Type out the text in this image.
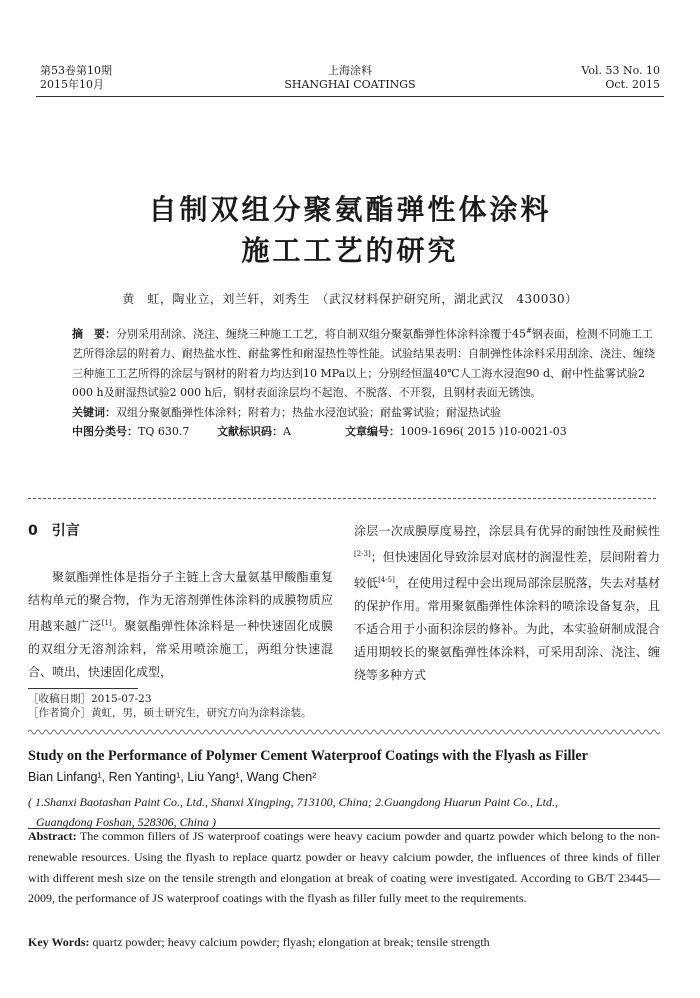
第53卷第10期
2015年10月
上海涂料
SHANGHAI COATINGS
Vol. 53 No. 10
Oct. 2015
自制双组分聚氨酯弹性体涂料
施工工艺的研究
黄　虹，陶业立，刘兰轩，刘秀生　（武汉材料保护研究所，湖北武汉　430030）

摘　要：分别采用刮涂、浇注、缠绕三种施工工艺，将自制双组分聚氨酯弹性体涂料涂覆于45#钢表面，检测不同施工工艺所得涂层的附着力、耐热盐水性、耐盐雾性和耐湿热性等性能。试验结果表明：自制弹性体涂料采用刮涂、浇注、缠绕三种施工工艺所得的涂层与钢材的附着力均达到10 MPa以上；分别经恒温40℃人工海水浸泡90 d、耐中性盐雾试验2 000 h及耐湿热试验2 000 h后，钢材表面涂层均不起泡、不脱落、不开裂，且钢材表面无锈蚀。

关键词：双组分聚氨酯弹性体涂料；附着力；热盐水浸泡试验；耐盐雾试验；耐湿热试验

中图分类号：TQ 630.7	文献标识码：A	文章编号：1009-1696( 2015 )10-0021-03
0　引言

聚氨酯弹性体是指分子主链上含大量氨基甲酸酯重复结构单元的聚合物，作为无溶剂弹性体涂料的成膜物质应用越来越广泛[1]。聚氨酯弹性体涂料是一种快速固化成膜的双组分无溶剂涂料，常采用喷涂施工，两组分快速混合、喷出，快速固化成型，

涂层一次成膜厚度易控，涂层具有优异的耐蚀性及耐候性[2-3]；但快速固化导致涂层对底材的润湿性差，层间附着力较低[4-5]，在使用过程中会出现局部涂层脱落，失去对基材的保护作用。常用聚氨酯弹性体涂料的喷涂设备复杂，且不适合用于小面积涂层的修补。为此，本实验研制成混合适用期较长的聚氨酯弹性体涂料，可采用刮涂、浇注、缠绕等多种方式

［收稿日期］2015-07-23
［作者简介］黄虹，男，硕士研究生，研究方向为涂料涂装。
Study on the Performance of Polymer Cement Waterproof Coatings with the Flyash as Filler
Bian Linfang¹, Ren Yanting¹, Liu Yang¹, Wang Chen²
( 1.Shanxi Baotashan Paint Co., Ltd., Shanxi Xingping, 713100, China; 2.Guangdong Huarun Paint Co., Ltd.,
Guangdong Foshan, 528306, China )
Abstract: The common fillers of JS waterproof coatings were heavy cacium powder and quartz powder which belong to the non-renewable resources. Using the flyash to replace quartz powder or heavy calcium powder, the influences of three kinds of filler with different mesh size on the tensile strength and elongation at break of coating were investigated. According to GB/T 23445—2009, the performance of JS waterproof coatings with the flyash as filler fully meet to the requirements.
Key Words: quartz powder; heavy calcium powder; flyash; elongation at break; tensile strength
